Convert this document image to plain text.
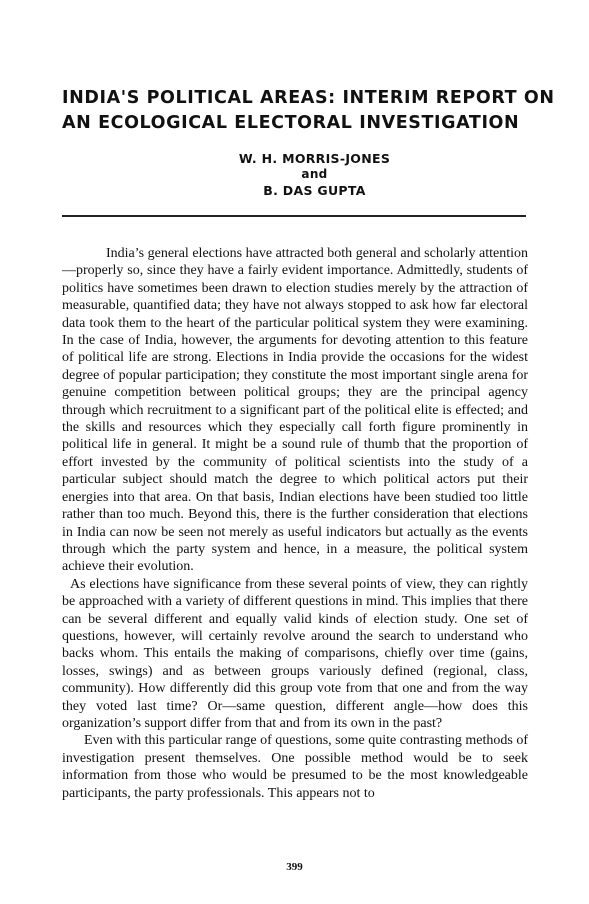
INDIA'S POLITICAL AREAS: INTERIM REPORT ON
AN ECOLOGICAL ELECTORAL INVESTIGATION
W. H. MORRIS-JONES
and
B. DAS GUPTA

India’s general elections have attracted both general and scholarly attention—properly so, since they have a fairly evident importance. Admittedly, students of politics have sometimes been drawn to election studies merely by the attraction of measurable, quantified data; they have not always stopped to ask how far electoral data took them to the heart of the particular political system they were examining. In the case of India, however, the arguments for devoting attention to this feature of political life are strong. Elections in India provide the occasions for the widest degree of popular participation; they constitute the most important single arena for genuine competition between political groups; they are the principal agency through which recruitment to a significant part of the political elite is effected; and the skills and resources which they especially call forth figure prominently in political life in general. It might be a sound rule of thumb that the proportion of effort invested by the community of political scientists into the study of a particular subject should match the degree to which political actors put their energies into that area. On that basis, Indian elections have been studied too little rather than too much. Beyond this, there is the further consideration that elections in India can now be seen not merely as useful indicators but actually as the events through which the party system and hence, in a measure, the political system achieve their evolution.

As elections have significance from these several points of view, they can rightly be approached with a variety of different questions in mind. This implies that there can be several different and equally valid kinds of election study. One set of questions, however, will certainly revolve around the search to understand who backs whom. This entails the making of comparisons, chiefly over time (gains, losses, swings) and as between groups variously defined (regional, class, community). How differently did this group vote from that one and from the way they voted last time? Or—same question, different angle—how does this organization’s support differ from that and from its own in the past?

Even with this particular range of questions, some quite contrasting methods of investigation present themselves. One possible method would be to seek information from those who would be presumed to be the most knowledgeable participants, the party professionals. This appears not to

399
